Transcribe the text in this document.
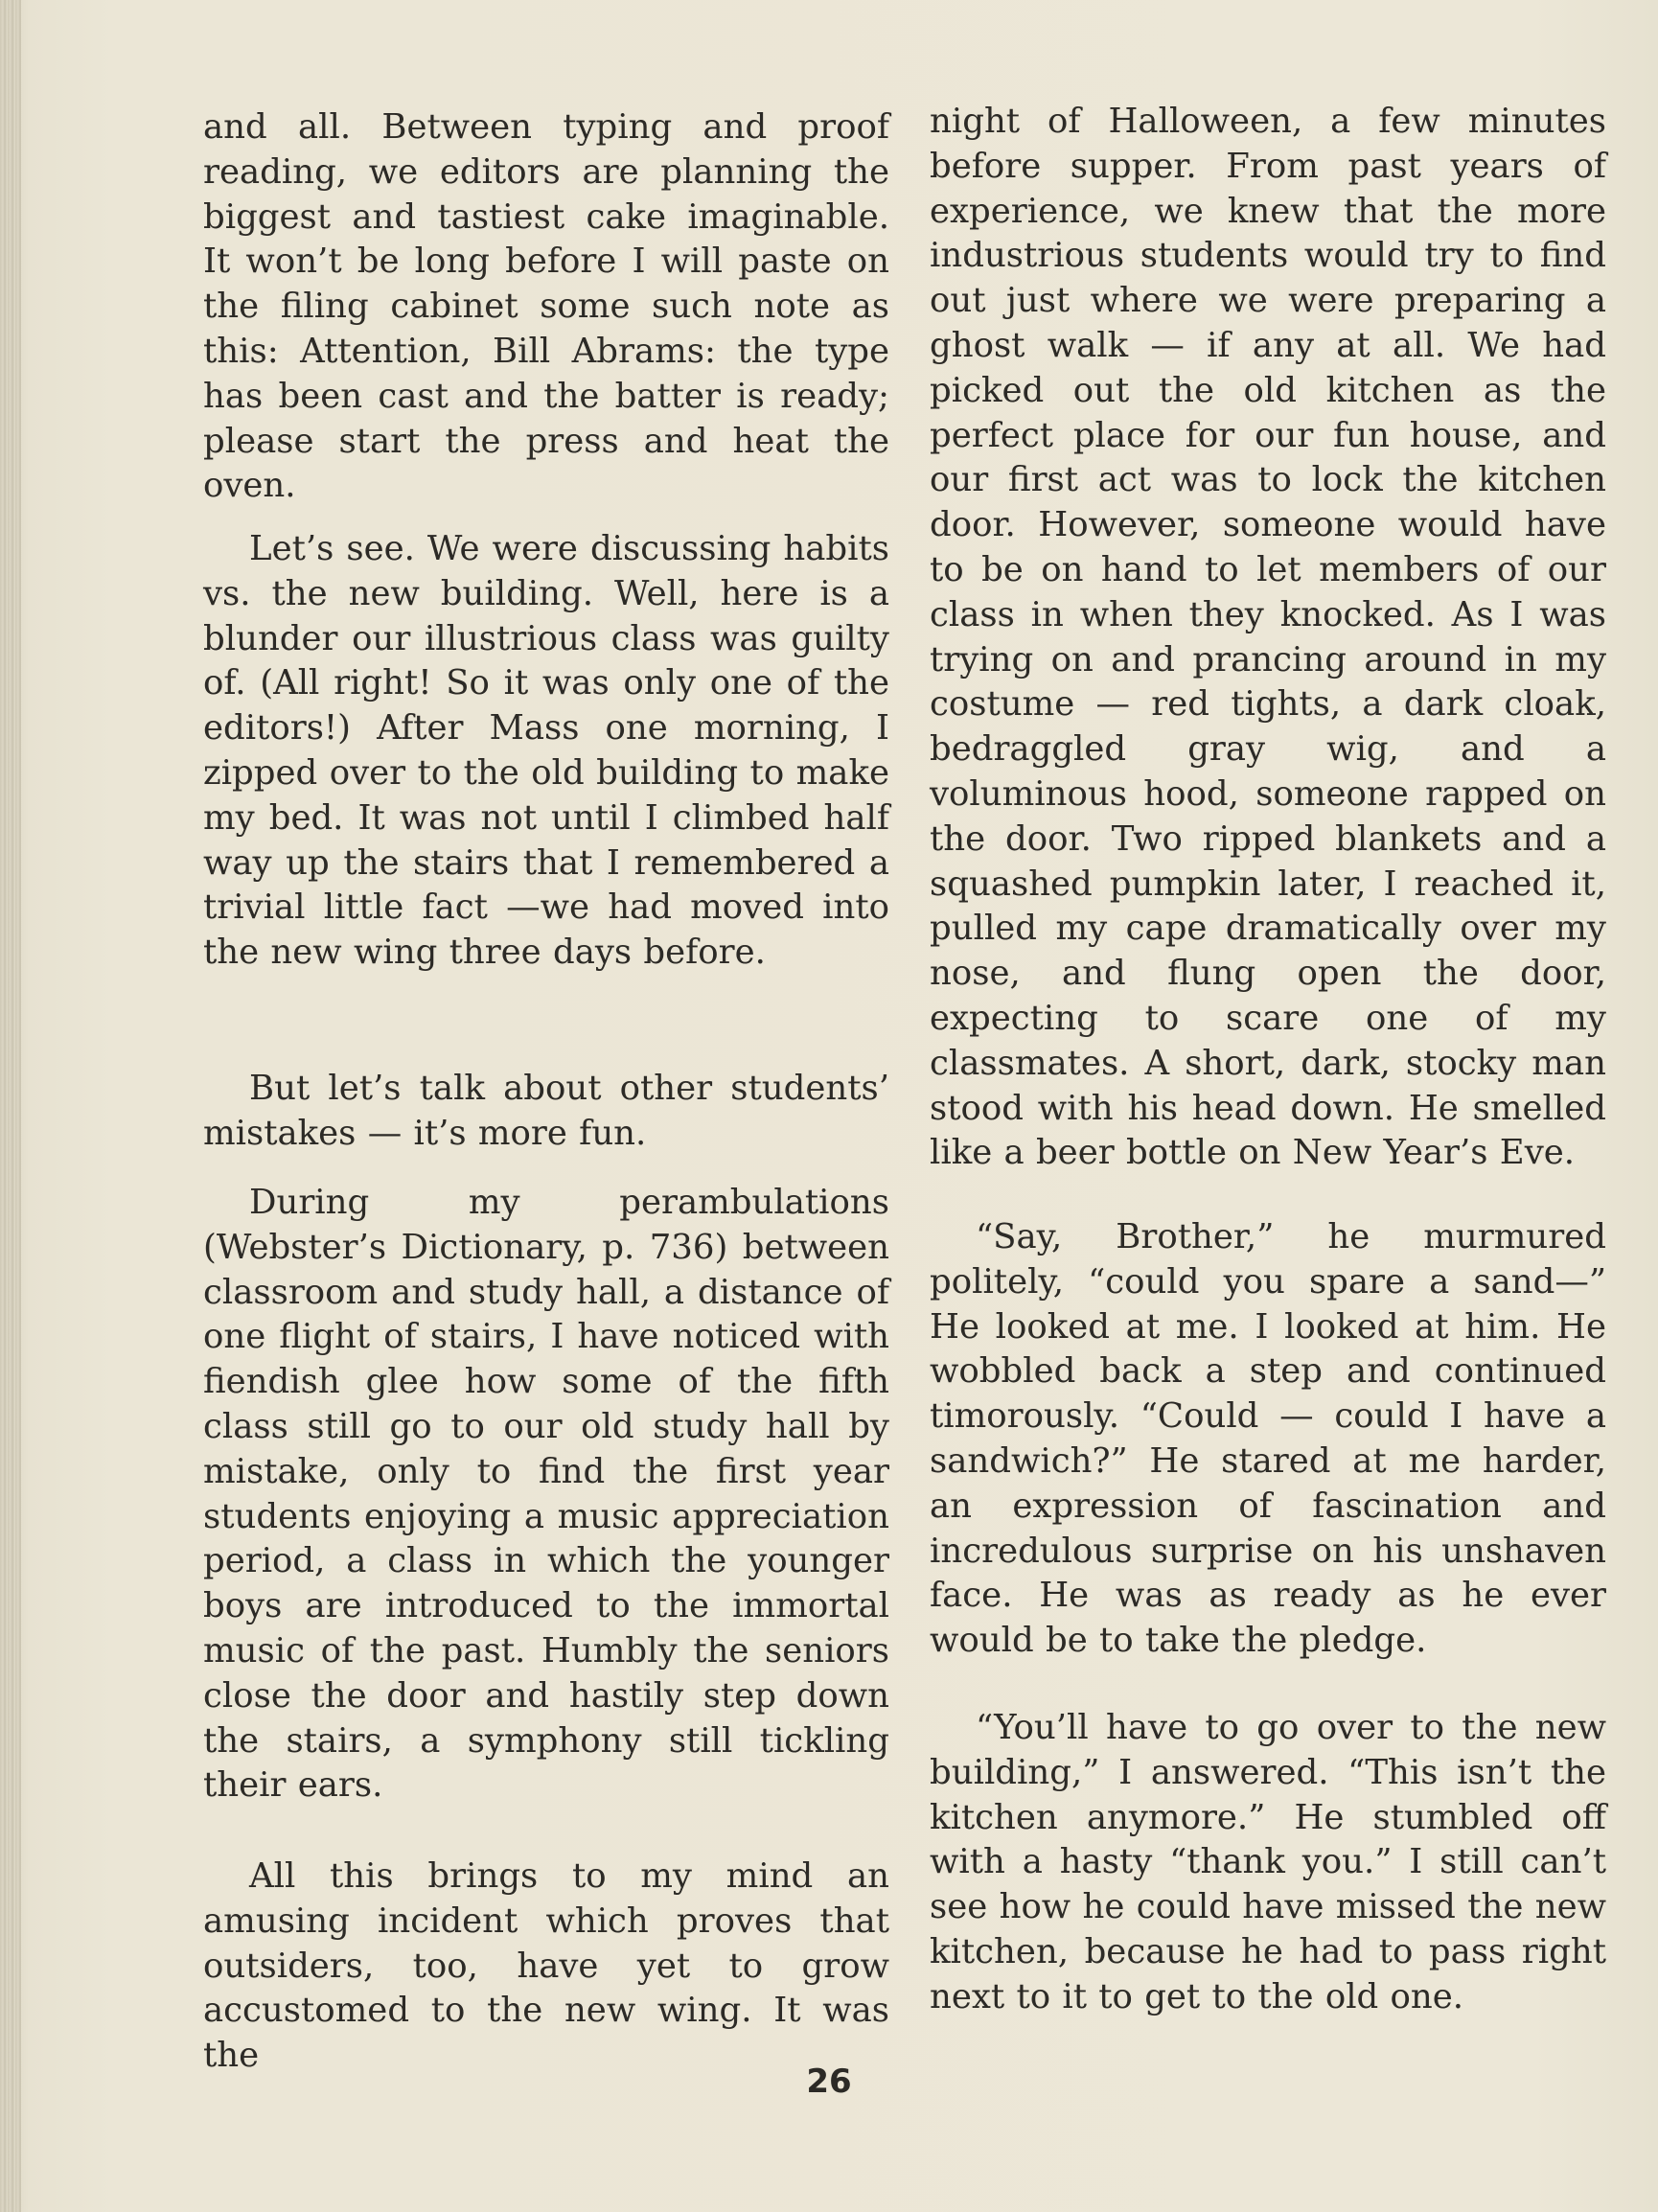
and all. Between typing and proof reading, we editors are planning the biggest and tastiest cake imaginable. It won’t be long before I will paste on the filing cabinet some such note as this: Attention, Bill Abrams: the type has been cast and the batter is ready; please start the press and heat the oven.

Let’s see. We were discussing habits vs. the new building. Well, here is a blunder our illustrious class was guilty of. (All right! So it was only one of the editors!) After Mass one morning, I zipped over to the old building to make my bed. It was not until I climbed half way up the stairs that I remembered a trivial little fact —we had moved into the new wing three days before.

But let’s talk about other students’ mistakes — it’s more fun.

During my perambulations (Webster’s Dictionary, p. 736) between classroom and study hall, a distance of one flight of stairs, I have noticed with fiendish glee how some of the fifth class still go to our old study hall by mistake, only to find the first year students enjoying a music appreciation period, a class in which the younger boys are introduced to the immortal music of the past. Humbly the seniors close the door and hastily step down the stairs, a symphony still tickling their ears.

All this brings to my mind an amusing incident which proves that outsiders, too, have yet to grow accustomed to the new wing. It was the

night of Halloween, a few minutes before supper. From past years of experience, we knew that the more industrious students would try to find out just where we were preparing a ghost walk — if any at all. We had picked out the old kitchen as the perfect place for our fun house, and our first act was to lock the kitchen door. However, someone would have to be on hand to let members of our class in when they knocked. As I was trying on and prancing around in my costume — red tights, a dark cloak, bedraggled gray wig, and a voluminous hood, someone rapped on the door. Two ripped blankets and a squashed pumpkin later, I reached it, pulled my cape dramatically over my nose, and flung open the door, expecting to scare one of my classmates. A short, dark, stocky man stood with his head down. He smelled like a beer bottle on New Year’s Eve.

“Say, Brother,” he murmured politely, “could you spare a sand—” He looked at me. I looked at him. He wobbled back a step and continued timorously. “Could — could I have a sandwich?” He stared at me harder, an expression of fascination and incredulous surprise on his unshaven face. He was as ready as he ever would be to take the pledge.

“You’ll have to go over to the new building,” I answered. “This isn’t the kitchen anymore.” He stumbled off with a hasty “thank you.” I still can’t see how he could have missed the new kitchen, because he had to pass right next to it to get to the old one.

26
